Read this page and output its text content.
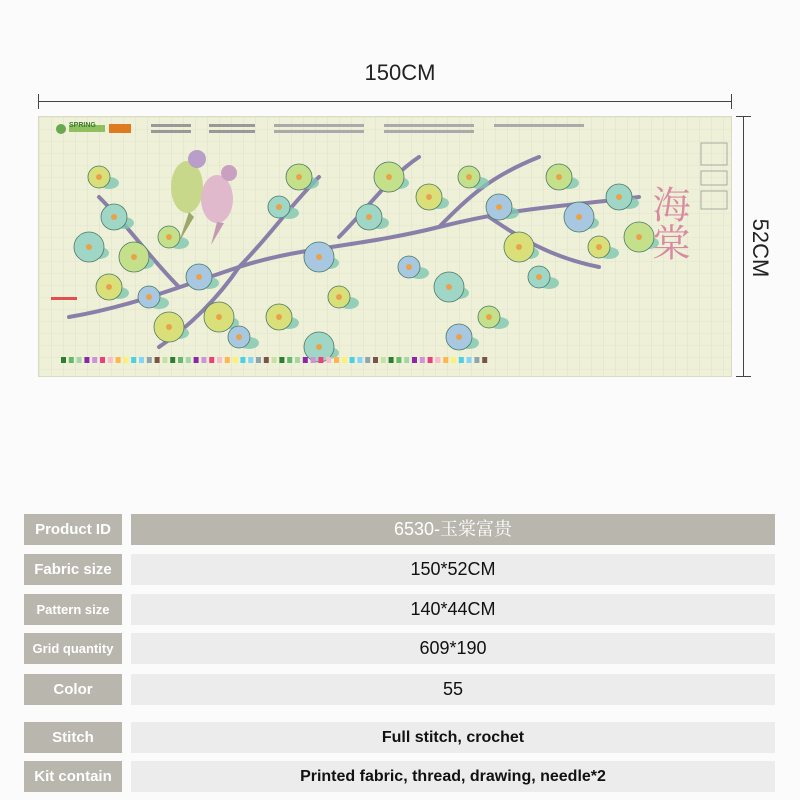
150CM
52CM
海棠
SPRING
Product ID	6530-玉棠富贵
Fabric size	150*52CM
Pattern size	140*44CM
Grid quantity	609*190
Color	55
Stitch	Full stitch, crochet
Kit contain	Printed fabric, thread, drawing, needle*2
